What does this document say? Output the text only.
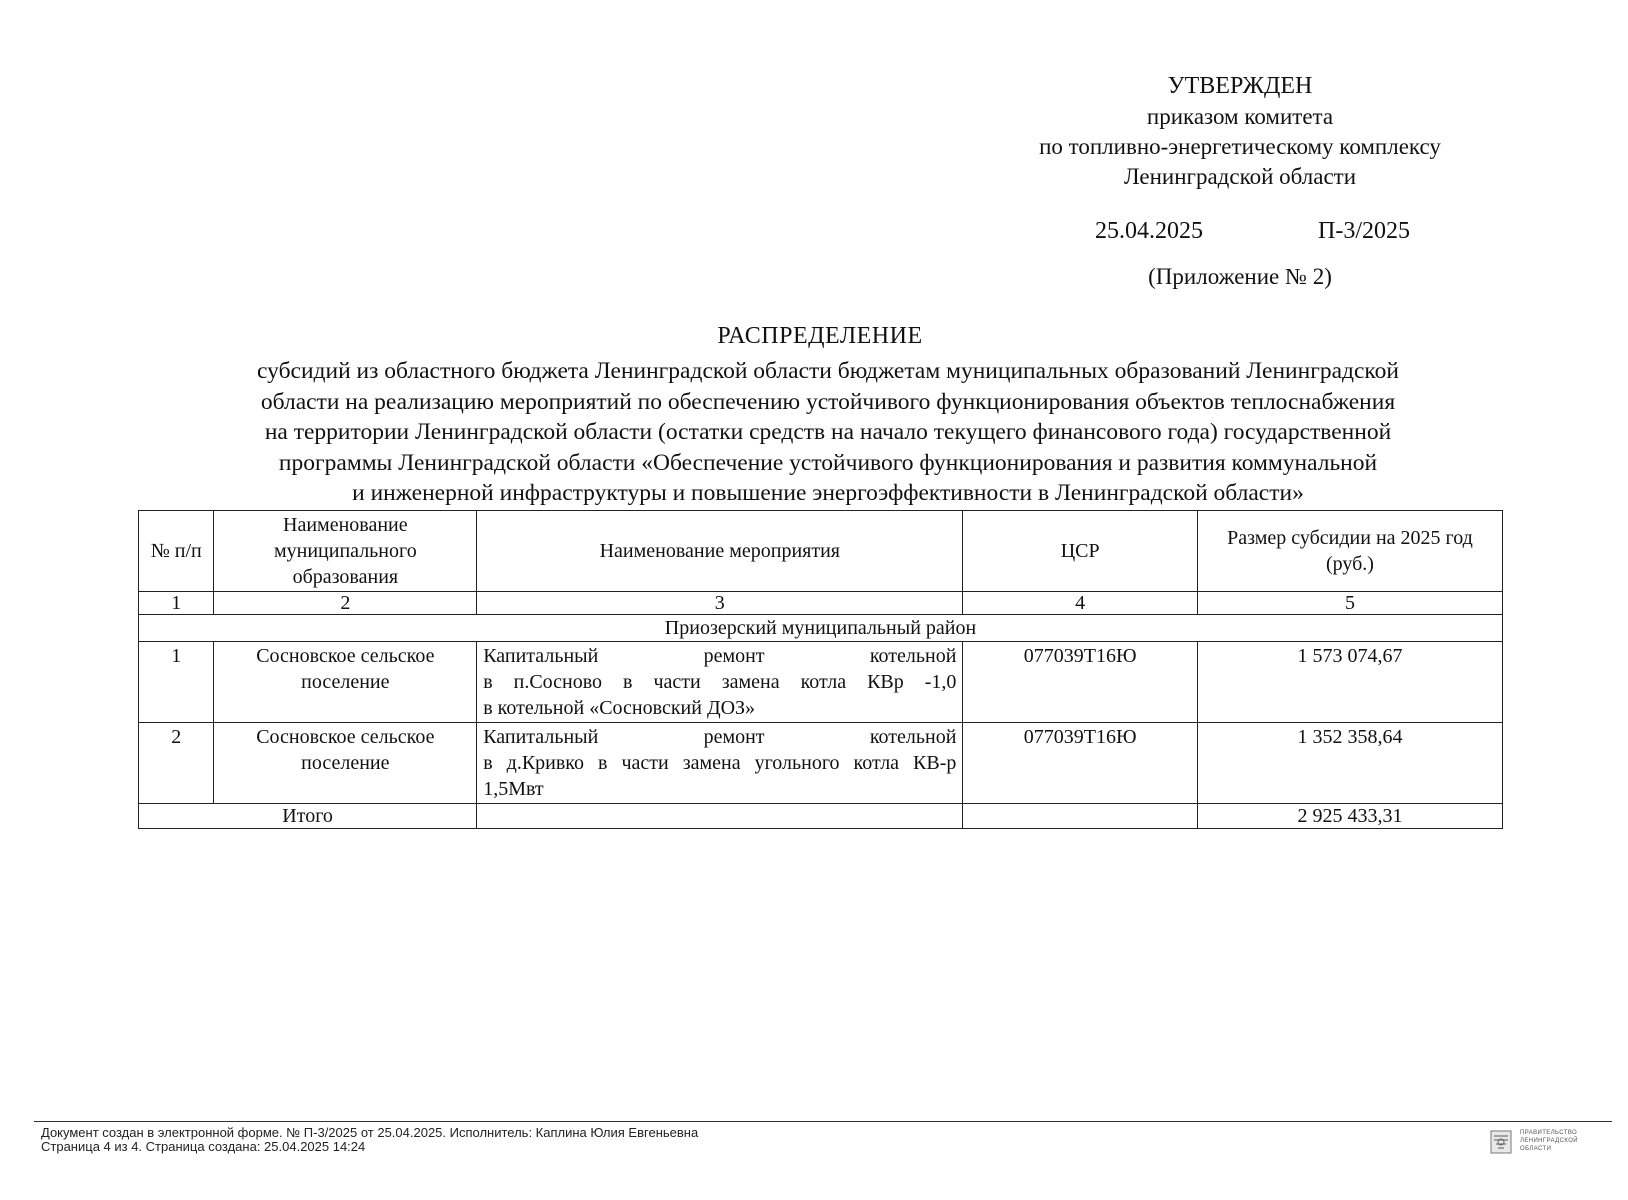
УТВЕРЖДЕН
приказом комитета
по топливно-энергетическому комплексу
Ленинградской области
25.04.2025	П-3/2025
(Приложение № 2)
РАСПРЕДЕЛЕНИЕ
субсидий из областного бюджета Ленинградской области бюджетам муниципальных образований Ленинградской
области на реализацию мероприятий по обеспечению устойчивого функционирования объектов теплоснабжения
на территории Ленинградской области (остатки средств на начало текущего финансового года) государственной
программы Ленинградской области «Обеспечение устойчивого функционирования и развития коммунальной
и инженерной инфраструктуры и повышение энергоэффективности в Ленинградской области»
№ п/п	Наименование муниципального образования	Наименование мероприятия	ЦСР	Размер субсидии на 2025 год (руб.)
1	2	3	4	5
Приозерский муниципальный район				
1	Сосновское сельское поселение	Капитальный ремонт котельной
в п.Сосново в части замена котла КВр -1,0
в котельной «Сосновский ДОЗ»	077039Т16Ю	1 573 074,67
2	Сосновское сельское поселение	Капитальный ремонт котельной
в д.Кривко в части замена угольного котла КВ-р
1,5Мвт	077039Т16Ю	1 352 358,64
Итого				2 925 433,31
Документ создан в электронной форме. № П-3/2025 от 25.04.2025. Исполнитель: Каплина Юлия Евгеньевна
Страница 4 из 4. Страница создана: 25.04.2025 14:24
ПРАВИТЕЛЬСТВО
ЛЕНИНГРАДСКОЙ
ОБЛАСТИ
